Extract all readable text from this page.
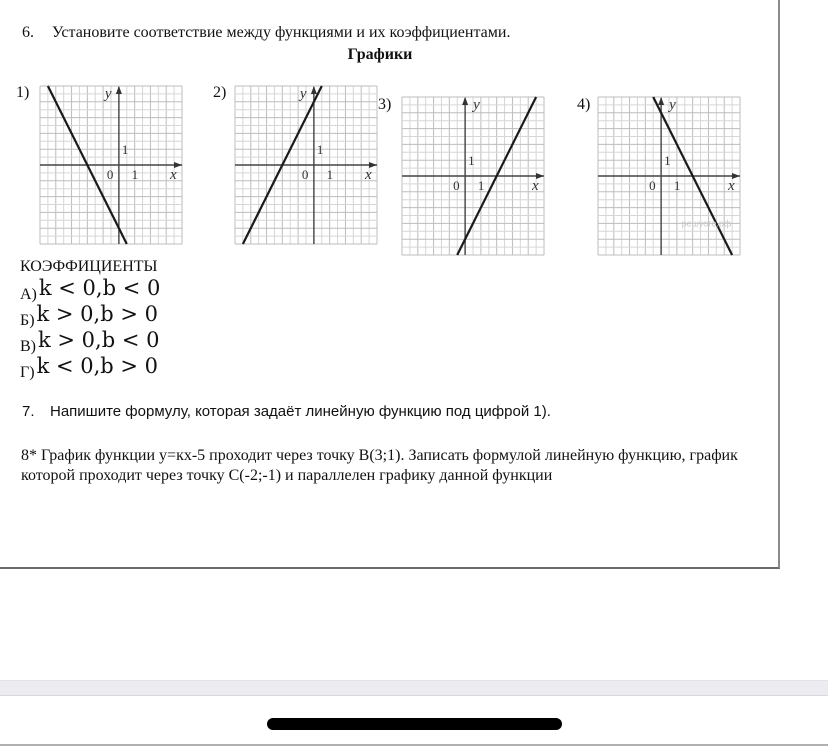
6. Установите соответствие между функциями и их коэффициентами.
Графики
1)
0 1
1
x
y	2)
0 1
1
x
y
3)
0 1
1
x
y	4)
0 1
1
x
y
решуоге.рф
КОЭФФИЦИЕНТЫ
А)k < 0,b < 0
Б)k > 0,b > 0
В)k > 0,b < 0
Г)k < 0,b > 0
7. Напишите формулу, которая задаёт линейную функцию под цифрой 1).
8* График функции y=кх-5 проходит через точку В(3;1). Записать формулой линейную функцию, график которой проходит через точку С(-2;-1) и параллелен графику данной функции
